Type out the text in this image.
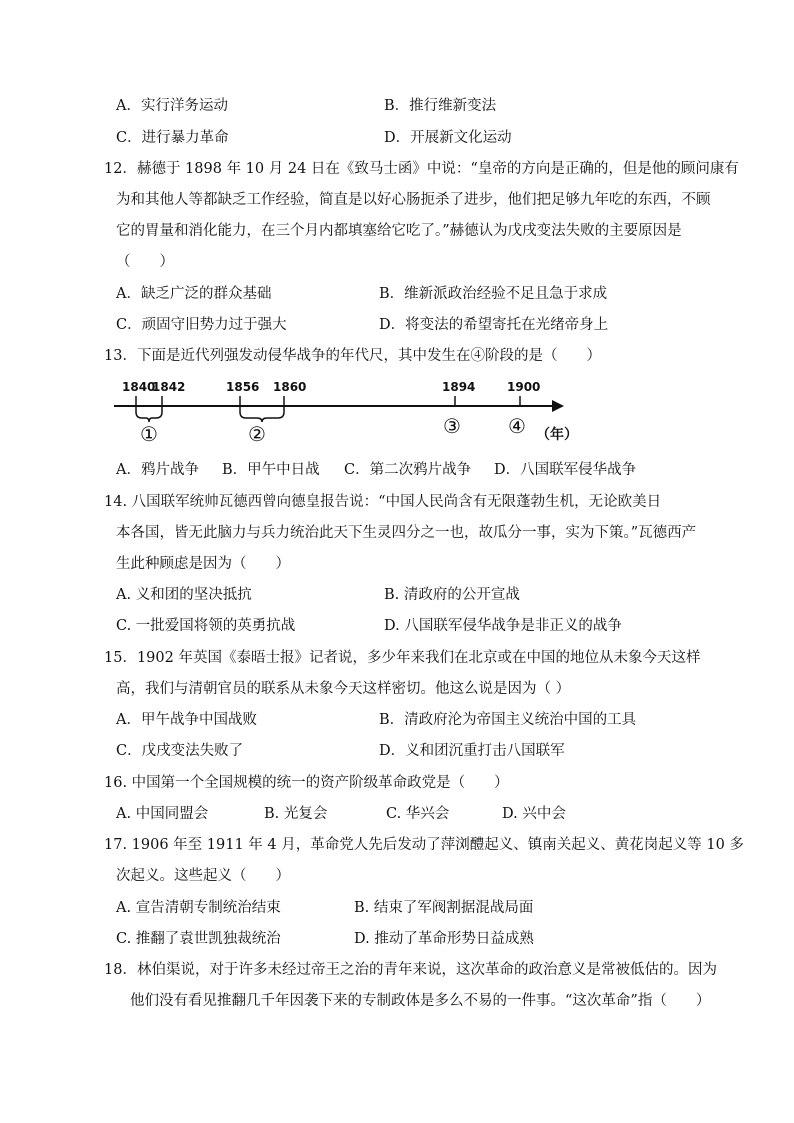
A．实行洋务运动	B．推行维新变法
C．进行暴力革命	D．开展新文化运动
12．赫德于 1898 年 10 月 24 日在《致马士函》中说：“皇帝的方向是正确的，但是他的顾问康有
为和其他人等都缺乏工作经验，简直是以好心肠扼杀了进步，他们把足够九年吃的东西，不顾
它的胃量和消化能力，在三个月内都填塞给它吃了。”赫德认为戊戌变法失败的主要原因是
（　　）
A．缺乏广泛的群众基础	B．维新派政治经验不足且急于求成
C．顽固守旧势力过于强大	D．将变法的希望寄托在光绪帝身上
13．下面是近代列强发动侵华战争的年代尺，其中发生在④阶段的是（　　）
1840
1842	1856 1860	1894	1900
①	②	③ ④ （年）
A．鸦片战争 B．甲午中日战 C．第二次鸦片战争 D．八国联军侵华战争
14. 八国联军统帅瓦德西曾向德皇报告说：“中国人民尚含有无限蓬勃生机，无论欧美日
本各国，皆无此脑力与兵力统治此天下生灵四分之一也，故瓜分一事，实为下策。”瓦德西产
生此种顾虑是因为（　　）
A. 义和团的坚决抵抗	B. 清政府的公开宣战
C. 一批爱国将领的英勇抗战	D. 八国联军侵华战争是非正义的战争
15．1902 年英国《泰晤士报》记者说，多少年来我们在北京或在中国的地位从未象今天这样
高，我们与清朝官员的联系从未象今天这样密切。他这么说是因为（ ）
A．甲午战争中国战败	B．清政府沦为帝国主义统治中国的工具
C．戊戌变法失败了	D．义和团沉重打击八国联军
16. 中国第一个全国规模的统一的资产阶级革命政党是（　　）
A. 中国同盟会	B. 光复会	C. 华兴会	D. 兴中会
17. 1906 年至 1911 年 4 月，革命党人先后发动了萍浏醴起义、镇南关起义、黄花岗起义等 10 多
次起义。这些起义（　　）
A. 宣告清朝专制统治结束	B. 结束了军阀割据混战局面
C. 推翻了袁世凯独裁统治	D. 推动了革命形势日益成熟
18．林伯渠说，对于许多未经过帝王之治的青年来说，这次革命的政治意义是常被低估的。因为
他们没有看见推翻几千年因袭下来的专制政体是多么不易的一件事。“这次革命”指（　　）
